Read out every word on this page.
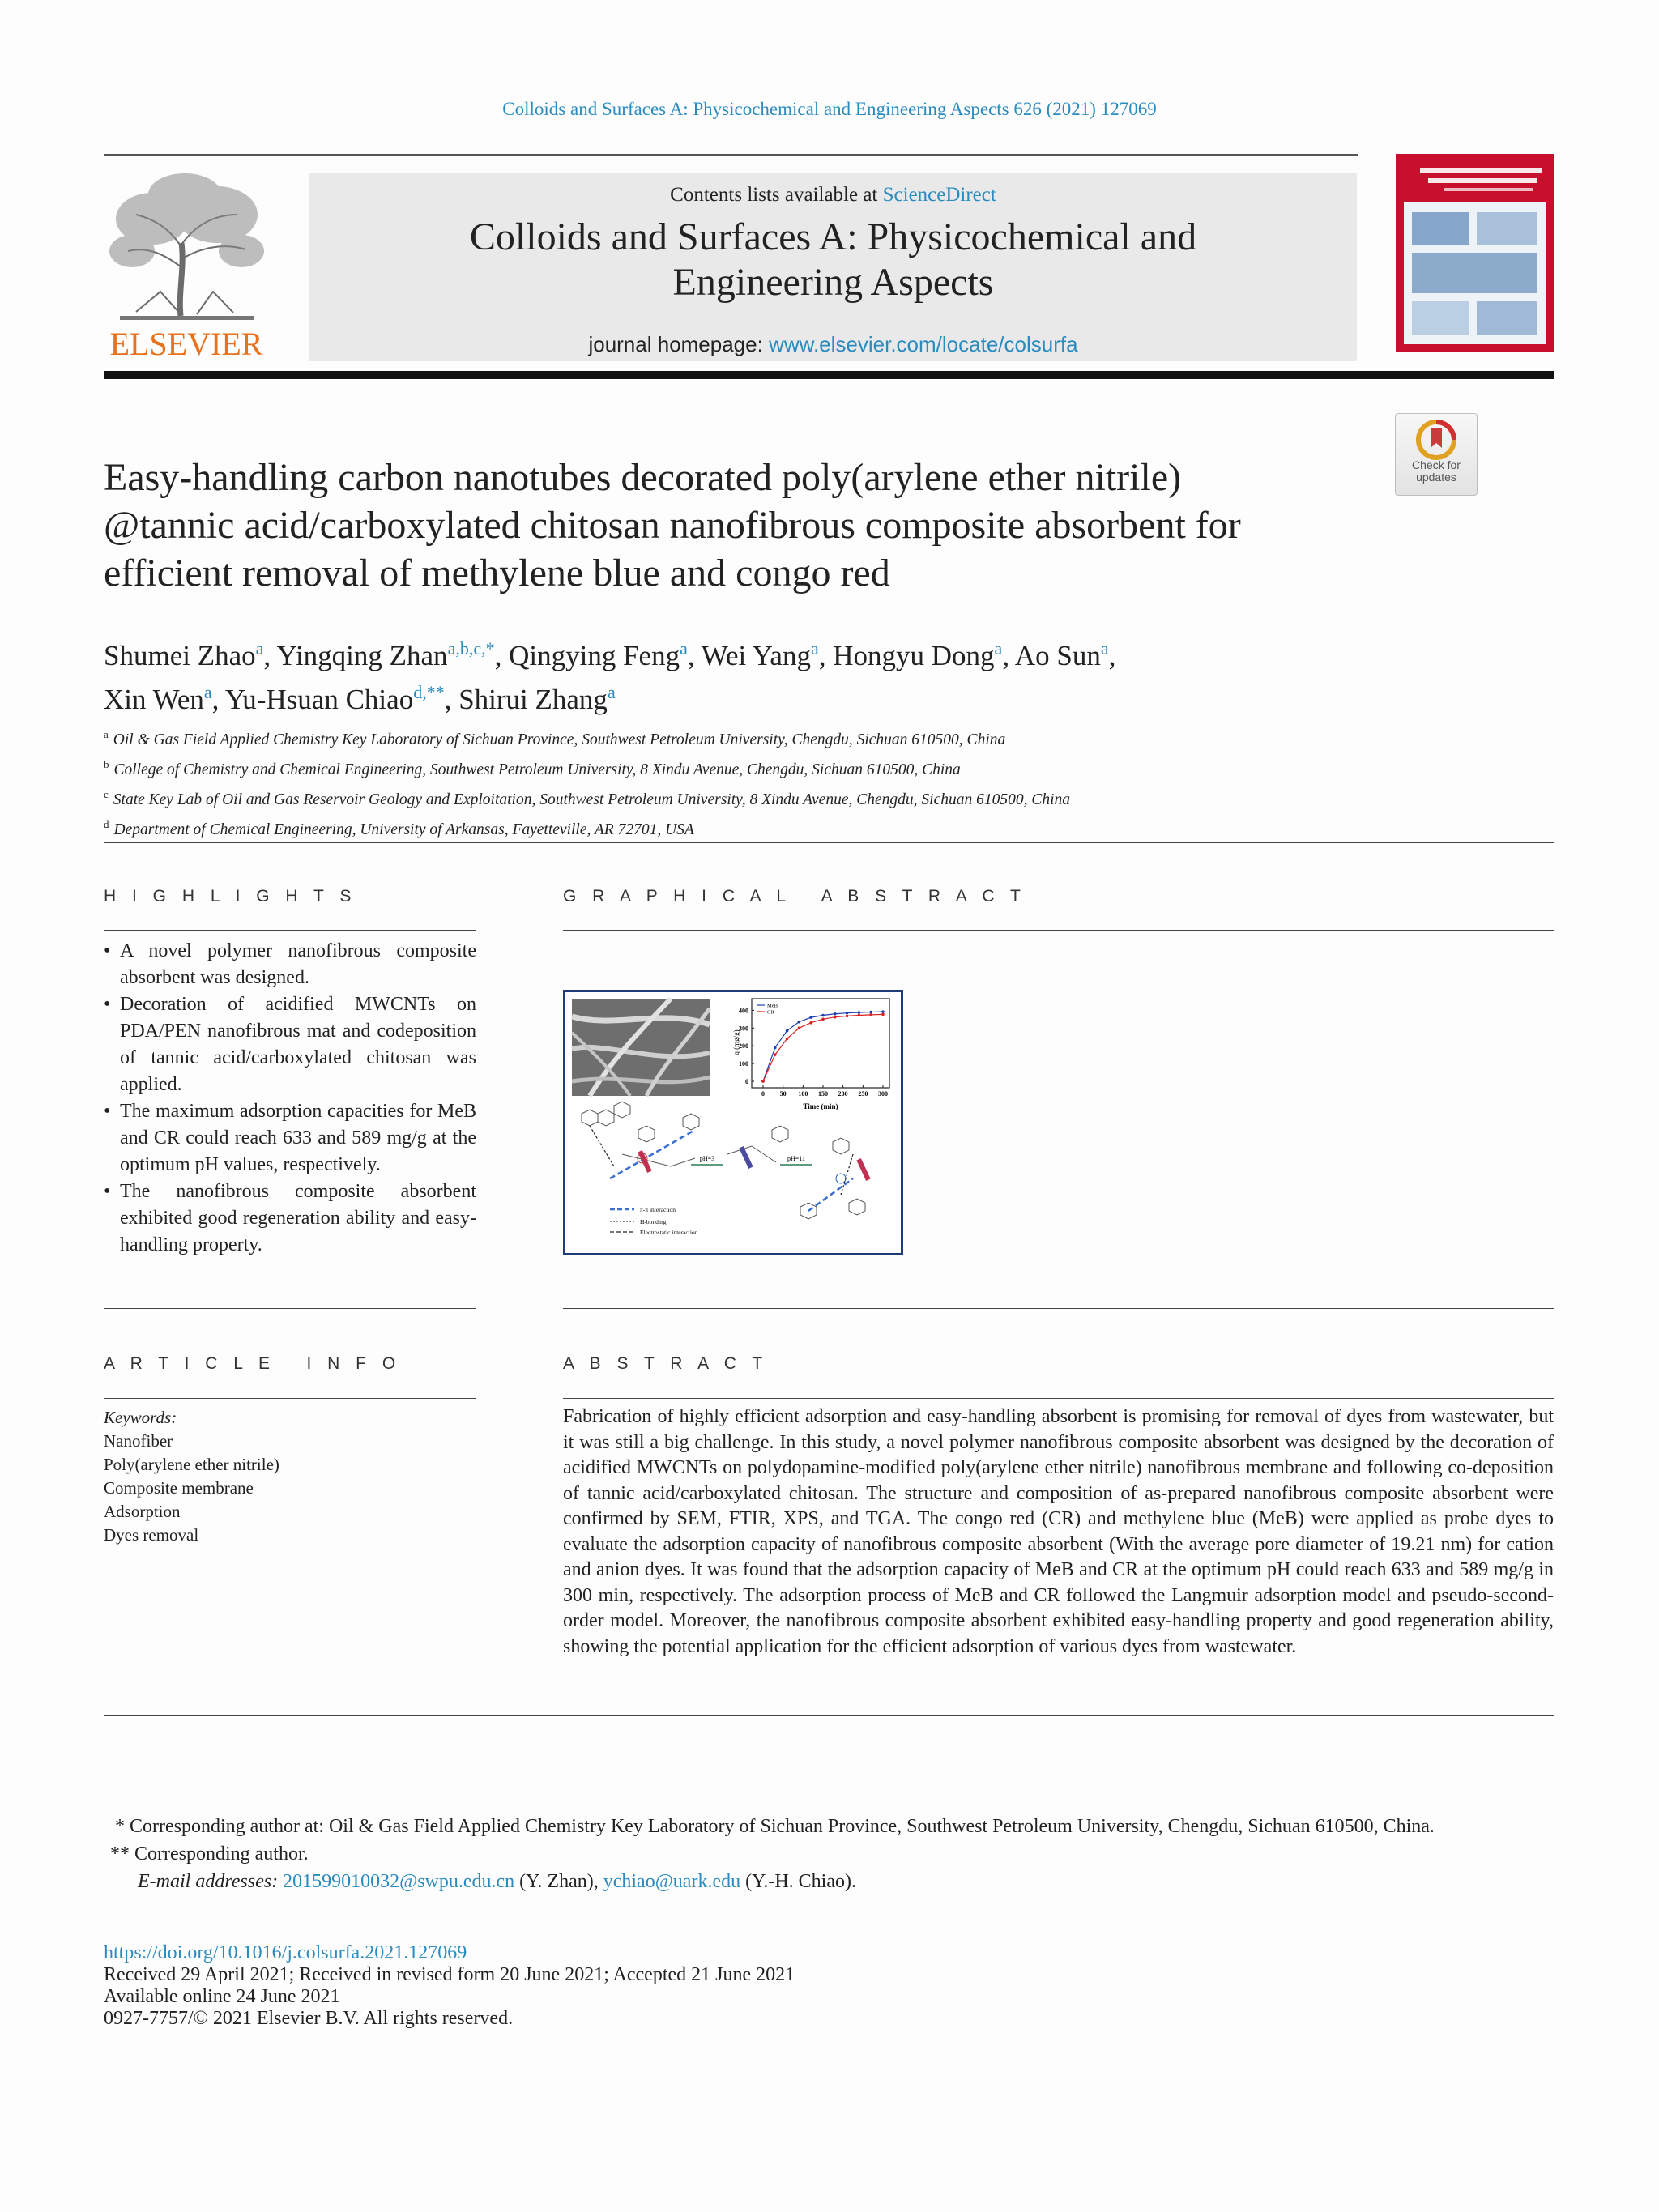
Colloids and Surfaces A: Physicochemical and Engineering Aspects 626 (2021) 127069
ELSEVIER
Contents lists available at ScienceDirect
Colloids and Surfaces A: Physicochemical and
Engineering Aspects
journal homepage: www.elsevier.com/locate/colsurfa
Check for
updates
Easy-handling carbon nanotubes decorated poly(arylene ether nitrile)
@tannic acid/carboxylated chitosan nanofibrous composite absorbent for
efficient removal of methylene blue and congo red
Shumei Zhao$^a$, Yingqing Zhan$^{a,b,c,*}$, Qingying Feng$^a$, Wei Yang$^a$, Hongyu Dong$^a$, Ao Sun$^a$,
Xin Wen$^a$, Yu-Hsuan Chiao$^{d,**}$, Shirui Zhang$^a$
$^a$ Oil & Gas Field Applied Chemistry Key Laboratory of Sichuan Province, Southwest Petroleum University, Chengdu, Sichuan 610500, China
$^b$ College of Chemistry and Chemical Engineering, Southwest Petroleum University, 8 Xindu Avenue, Chengdu, Sichuan 610500, China
$^c$ State Key Lab of Oil and Gas Reservoir Geology and Exploitation, Southwest Petroleum University, 8 Xindu Avenue, Chengdu, Sichuan 610500, China
$^d$ Department of Chemical Engineering, University of Arkansas, Fayetteville, AR 72701, USA
H I G H L I G H T S
• A novel polymer nanofibrous composite absorbent was designed.
• Decoration of acidified MWCNTs on PDA/PEN nanofibrous mat and codeposition of tannic acid/carboxylated chitosan was applied.
• The maximum adsorption capacities for MeB and CR could reach 633 and 589 mg/g at the optimum pH values, respectively.
• The nanofibrous composite absorbent exhibited good regeneration ability and easy-handling property.
G R A P H I C A L   A B S T R A C T
q (mg/g)
Time (min)
0 50 100 150 200 250 300
0
100
200
300
400
MeB
CR
pH=3	pH=11
π-π interaction
H-bonding
Electrostatic interaction
A R T I C L E   I N F O
Keywords:
Nanofiber
Poly(arylene ether nitrile)
Composite membrane
Adsorption
Dyes removal
A B S T R A C T
Fabrication of highly efficient adsorption and easy-handling absorbent is promising for removal of dyes from wastewater, but it was still a big challenge. In this study, a novel polymer nanofibrous composite absorbent was designed by the decoration of acidified MWCNTs on polydopamine-modified poly(arylene ether nitrile) nanofibrous membrane and following co-deposition of tannic acid/carboxylated chitosan. The structure and composition of as-prepared nanofibrous composite absorbent were confirmed by SEM, FTIR, XPS, and TGA. The congo red (CR) and methylene blue (MeB) were applied as probe dyes to evaluate the adsorption capacity of nanofibrous composite absorbent (With the average pore diameter of 19.21 nm) for cation and anion dyes. It was found that the adsorption capacity of MeB and CR at the optimum pH could reach 633 and 589 mg/g in 300 min, respectively. The adsorption process of MeB and CR followed the Langmuir adsorption model and pseudo-second-order model. Moreover, the nanofibrous composite absorbent exhibited easy-handling property and good regeneration ability, showing the potential application for the efficient adsorption of various dyes from wastewater.
* Corresponding author at: Oil & Gas Field Applied Chemistry Key Laboratory of Sichuan Province, Southwest Petroleum University, Chengdu, Sichuan 610500, China.
** Corresponding author.
E-mail addresses: 201599010032@swpu.edu.cn (Y. Zhan), ychiao@uark.edu (Y.-H. Chiao).
https://doi.org/10.1016/j.colsurfa.2021.127069
Received 29 April 2021; Received in revised form 20 June 2021; Accepted 21 June 2021
Available online 24 June 2021
0927-7757/© 2021 Elsevier B.V. All rights reserved.
